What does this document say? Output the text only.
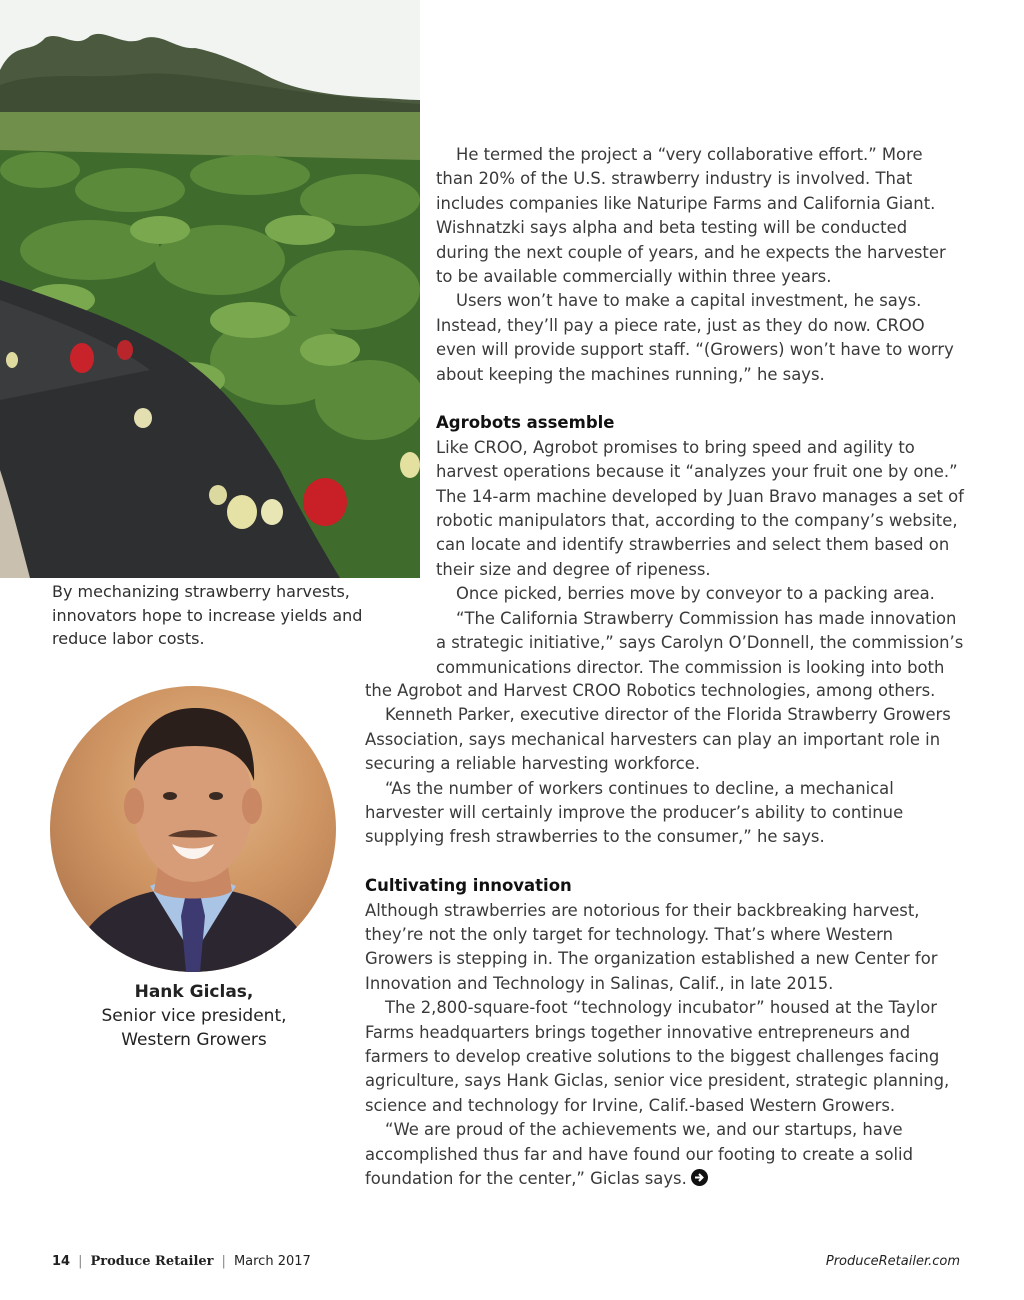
By mechanizing strawberry harvests, innovators hope to increase yields and reduce labor costs.
Hank Giclas,
Senior vice president,
Western Growers

He termed the project a “very collaborative effort.” More than 20% of the U.S. strawberry industry is involved. That includes companies like Naturipe Farms and California Giant. Wishnatzki says alpha and beta testing will be conducted during the next couple of years, and he expects the harvester to be available commercially within three years.

Users won’t have to make a capital investment, he says. Instead, they’ll pay a piece rate, just as they do now. CROO even will provide support staff. “(Growers) won’t have to worry about keeping the machines running,” he says.

Agrobots assemble

Like CROO, Agrobot promises to bring speed and agility to harvest operations because it “analyzes your fruit one by one.” The 14-arm machine developed by Juan Bravo manages a set of robotic manipulators that, according to the company’s website, can locate and identify strawberries and select them based on their size and degree of ripeness.

Once picked, berries move by conveyor to a packing area.

“The California Strawberry Commission has made innovation a strategic initiative,” says Carolyn O’Donnell, the commission’s communications director. The commission is looking into both

the Agrobot and Harvest CROO Robotics technologies, among others.

Kenneth Parker, executive director of the Florida Strawberry Growers Association, says mechanical harvesters can play an important role in securing a reliable harvesting workforce.

“As the number of workers continues to decline, a mechanical harvester will certainly improve the producer’s ability to continue supplying fresh strawberries to the consumer,” he says.

Cultivating innovation

Although strawberries are notorious for their backbreaking harvest, they’re not the only target for technology. That’s where Western Growers is stepping in. The organization established a new Center for Innovation and Technology in Salinas, Calif., in late 2015.

The 2,800-square-foot “technology incubator” housed at the Taylor Farms headquarters brings together innovative entrepreneurs and farmers to develop creative solutions to the biggest challenges facing agriculture, says Hank Giclas, senior vice president, strategic planning, science and technology for Irvine, Calif.-based Western Growers.

“We are proud of the achievements we, and our startups, have accomplished thus far and have found our footing to create a solid foundation for the center,” Giclas says.

14 | Produce Retailer | March 2017	ProduceRetailer.com
